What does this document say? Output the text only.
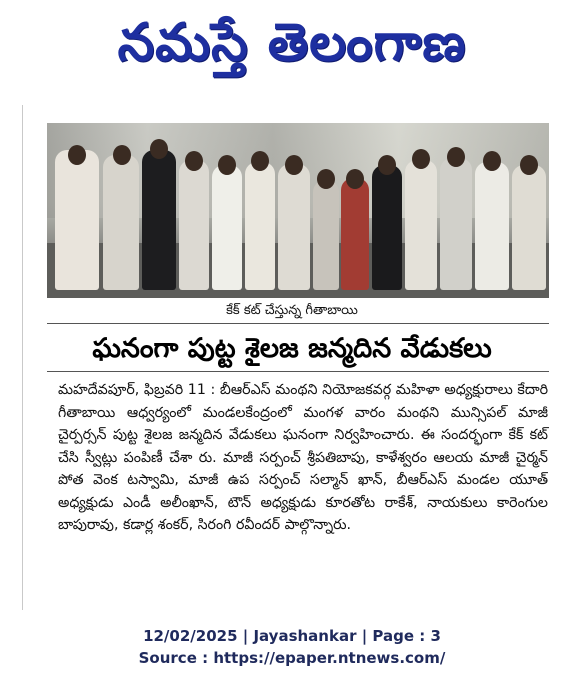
నమస్తే తెలంగాణ
కేక్ కట్ చేస్తున్న గీతాబాయి
ఘనంగా పుట్ట శైలజ జన్మదిన వేడుకలు

మహదేవపూర్, ఫిబ్రవరి 11 : బీఆర్ఎస్ మంథని నియోజకవర్గ మహిళా అధ్యక్షురాలు కేదారి గీతాబాయి ఆధ్వర్యంలో మండలకేంద్రంలో మంగళ వారం మంథని మున్సిపల్ మాజీ చైర్పర్సన్ పుట్ట శైలజ జన్మదిన వేడుకలు ఘనంగా నిర్వహించారు. ఈ సందర్భంగా కేక్ కట్ చేసి స్వీట్లు పంపిణీ చేశా రు. మాజీ సర్పంచ్ శ్రీపతిబాపు, కాళేశ్వరం ఆలయ మాజీ చైర్మన్ పోత వెంక టస్వామి, మాజీ ఉప సర్పంచ్ సల్మాన్ ఖాన్, బీఆర్ఎస్ మండల యూత్ అధ్యక్షుడు ఎండీ అలీంఖాన్, టౌన్ అధ్యక్షుడు కూరతోట రాకేశ్, నాయకులు కారెంగుల బాపురావు, కడార్ల శంకర్, సిరంగి రవీందర్ పాల్గొన్నారు.

12/02/2025 | Jayashankar | Page : 3
Source : https://epaper.ntnews.com/
